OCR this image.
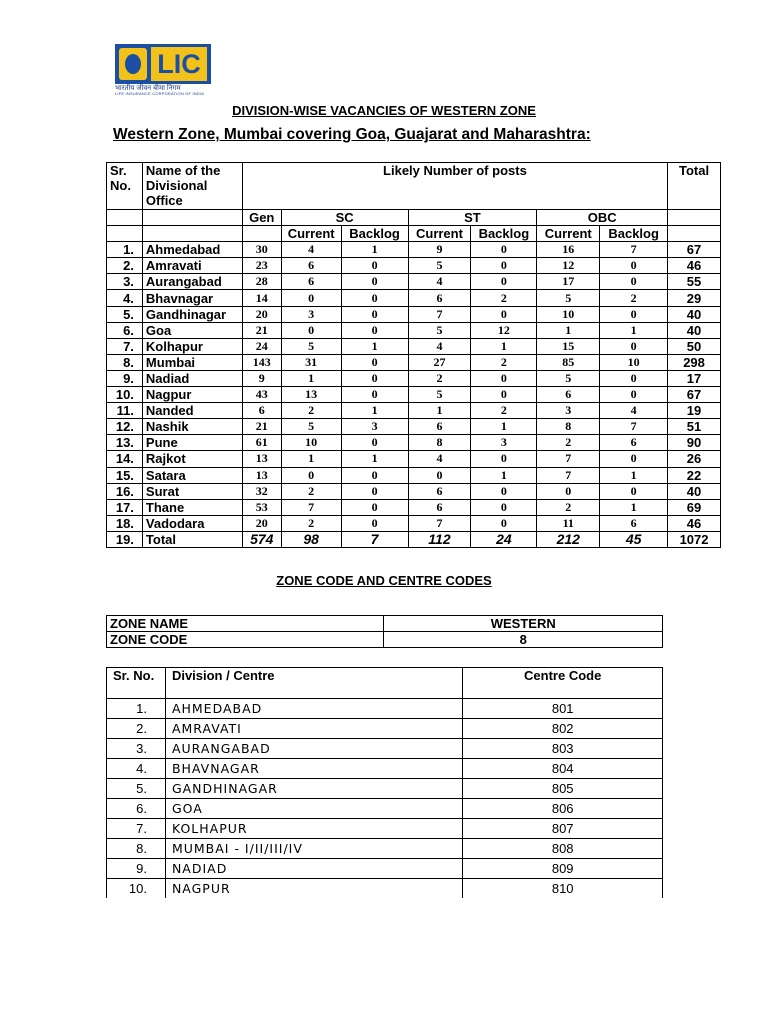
LIC
भारतीय जीवन बीमा निगम
LIFE INSURANCE CORPORATION OF INDIA
DIVISION-WISE VACANCIES OF WESTERN ZONE
Western Zone, Mumbai covering Goa, Guajarat and Maharashtra:
Sr. No.	Name of the Divisional Office	Likely Number of posts							Total
		Gen	SC		ST		OBC		
			Current	Backlog	Current	Backlog	Current	Backlog	
1.	Ahmedabad	30	4	1	9	0	16	7	67
2.	Amravati	23	6	0	5	0	12	0	46
3.	Aurangabad	28	6	0	4	0	17	0	55
4.	Bhavnagar	14	0	0	6	2	5	2	29
5.	Gandhinagar	20	3	0	7	0	10	0	40
6.	Goa	21	0	0	5	12	1	1	40
7.	Kolhapur	24	5	1	4	1	15	0	50
8.	Mumbai	143	31	0	27	2	85	10	298
9.	Nadiad	9	1	0	2	0	5	0	17
10.	Nagpur	43	13	0	5	0	6	0	67
11.	Nanded	6	2	1	1	2	3	4	19
12.	Nashik	21	5	3	6	1	8	7	51
13.	Pune	61	10	0	8	3	2	6	90
14.	Rajkot	13	1	1	4	0	7	0	26
15.	Satara	13	0	0	0	1	7	1	22
16.	Surat	32	2	0	6	0	0	0	40
17.	Thane	53	7	0	6	0	2	1	69
18.	Vadodara	20	2	0	7	0	11	6	46
19.	Total	574	98	7	112	24	212	45	1072
ZONE CODE AND CENTRE CODES
ZONE NAME	WESTERN
ZONE CODE	8
Sr. No.	Division / Centre	Centre Code
1.	AHMEDABAD	801
2.	AMRAVATI	802
3.	AURANGABAD	803
4.	BHAVNAGAR	804
5.	GANDHINAGAR	805
6.	GOA	806
7.	KOLHAPUR	807
8.	MUMBAI - I/II/III/IV	808
9.	NADIAD	809
10.	NAGPUR	810
